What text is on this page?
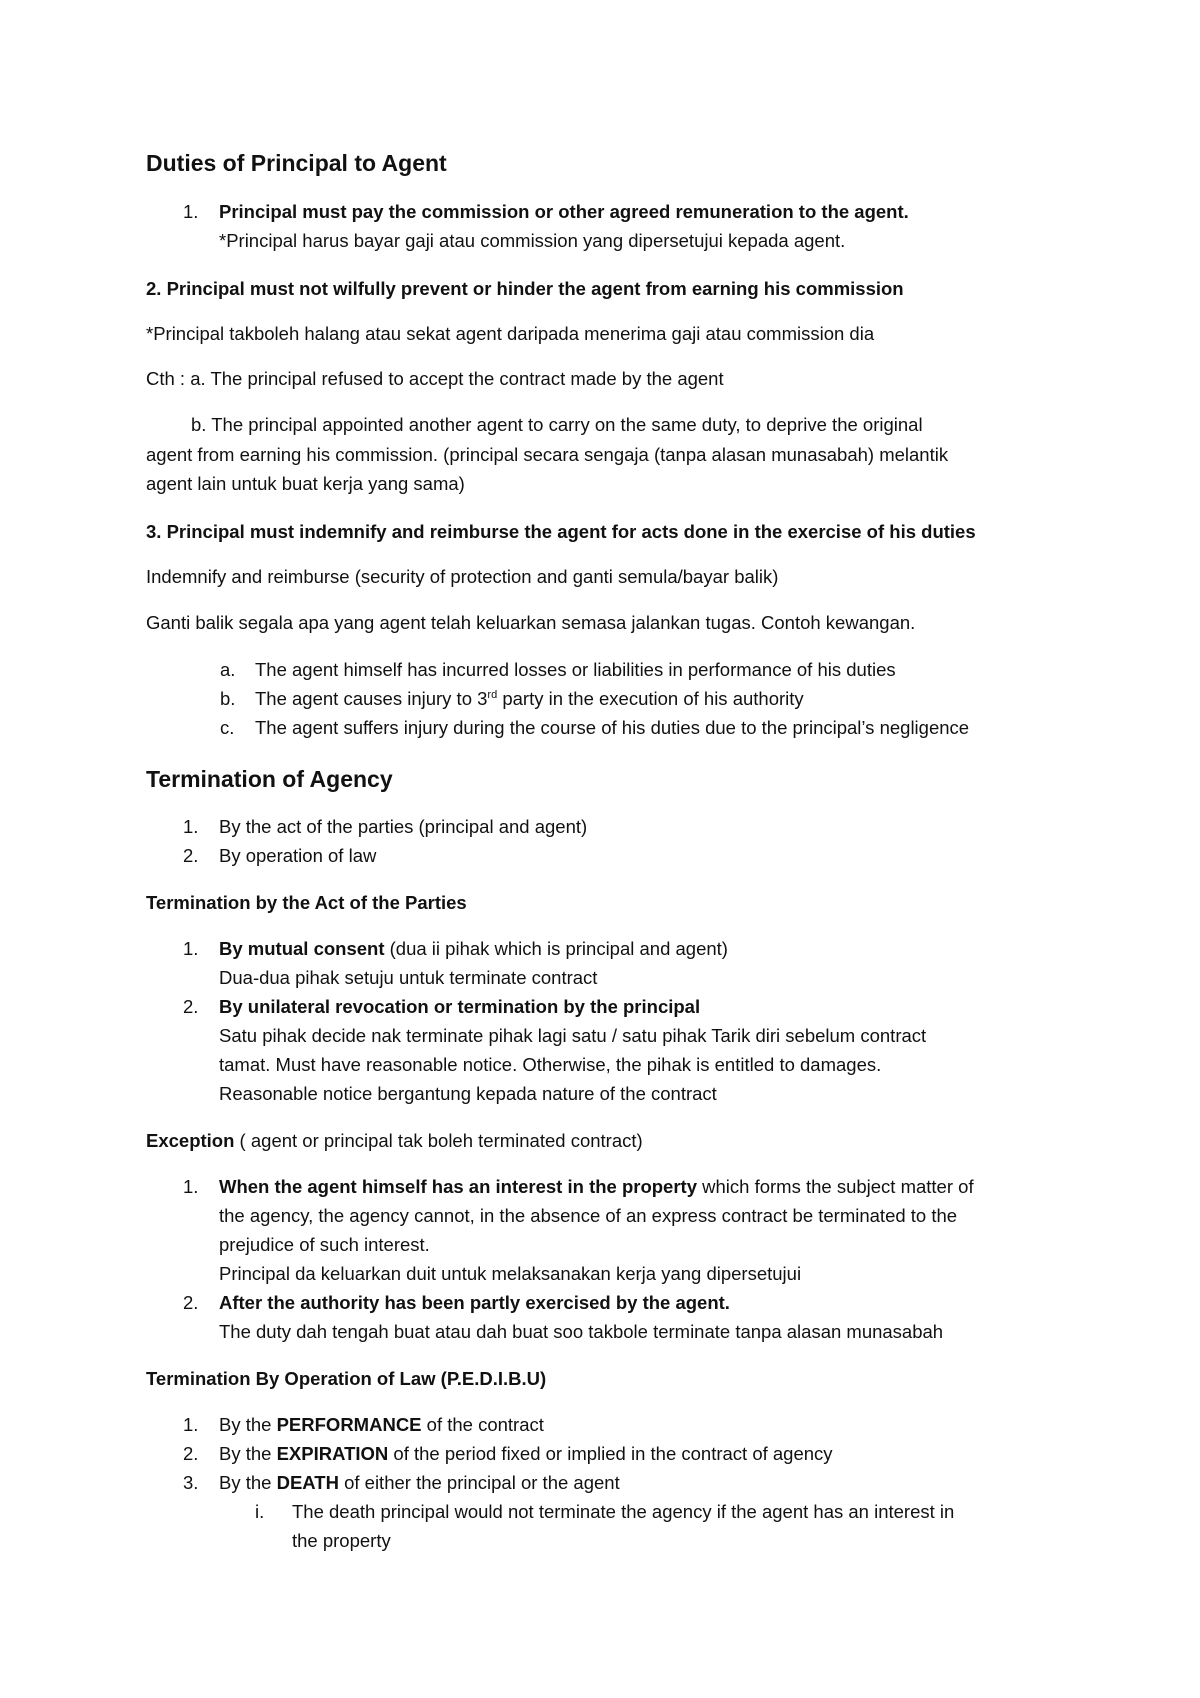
Duties of Principal to Agent
1. Principal must pay the commission or other agreed remuneration to the agent.
*Principal harus bayar gaji atau commission yang dipersetujui kepada agent.
2. Principal must not wilfully prevent or hinder the agent from earning his commission
*Principal takboleh halang atau sekat agent daripada menerima gaji atau commission dia
Cth : a. The principal refused to accept the contract made by the agent
b. The principal appointed another agent to carry on the same duty, to deprive the original
agent from earning his commission. (principal secara sengaja (tanpa alasan munasabah) melantik
agent lain untuk buat kerja yang sama)
3. Principal must indemnify and reimburse the agent for acts done in the exercise of his duties
Indemnify and reimburse (security of protection and ganti semula/bayar balik)
Ganti balik segala apa yang agent telah keluarkan semasa jalankan tugas. Contoh kewangan.
a. The agent himself has incurred losses or liabilities in performance of his duties
b. The agent causes injury to 3rd party in the execution of his authority
c. The agent suffers injury during the course of his duties due to the principal’s negligence
Termination of Agency
1. By the act of the parties (principal and agent)
2. By operation of law
Termination by the Act of the Parties
1. By mutual consent (dua ii pihak which is principal and agent)
Dua-dua pihak setuju untuk terminate contract
2. By unilateral revocation or termination by the principal
Satu pihak decide nak terminate pihak lagi satu / satu pihak Tarik diri sebelum contract
tamat. Must have reasonable notice. Otherwise, the pihak is entitled to damages.
Reasonable notice bergantung kepada nature of the contract
Exception ( agent or principal tak boleh terminated contract)
1. When the agent himself has an interest in the property which forms the subject matter of
the agency, the agency cannot, in the absence of an express contract be terminated to the
prejudice of such interest.
Principal da keluarkan duit untuk melaksanakan kerja yang dipersetujui
2. After the authority has been partly exercised by the agent.
The duty dah tengah buat atau dah buat soo takbole terminate tanpa alasan munasabah
Termination By Operation of Law (P.E.D.I.B.U)
1. By the PERFORMANCE of the contract
2. By the EXPIRATION of the period fixed or implied in the contract of agency
3. By the DEATH of either the principal or the agent
i. The death principal would not terminate the agency if the agent has an interest in
the property
